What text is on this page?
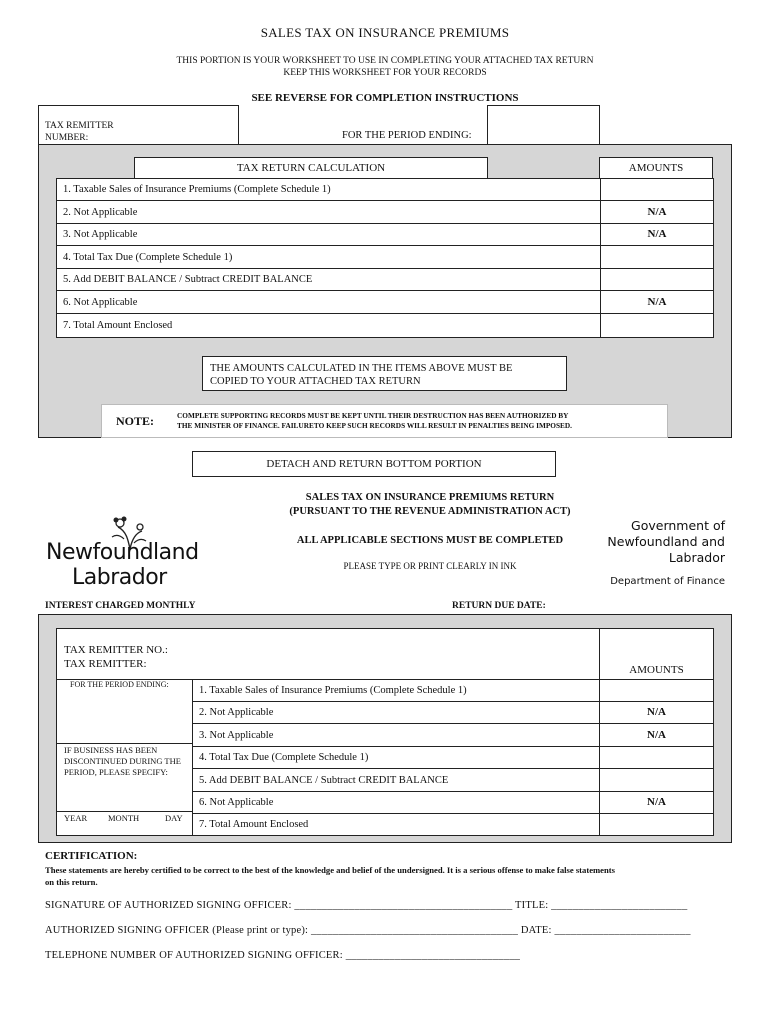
SALES TAX ON INSURANCE PREMIUMS
THIS PORTION IS YOUR WORKSHEET TO USE IN COMPLETING YOUR ATTACHED TAX RETURN
KEEP THIS WORKSHEET FOR YOUR RECORDS
SEE REVERSE FOR COMPLETION INSTRUCTIONS
TAX REMITTER
NUMBER:	FOR THE PERIOD ENDING:
TAX RETURN CALCULATION	AMOUNTS
1. Taxable Sales of Insurance Premiums (Complete Schedule 1)
2. Not Applicable	N/A
3. Not Applicable	N/A
4. Total Tax Due (Complete Schedule 1)
5. Add DEBIT BALANCE / Subtract CREDIT BALANCE
6. Not Applicable	N/A
7. Total Amount Enclosed
THE AMOUNTS CALCULATED IN THE ITEMS ABOVE MUST BE
COPIED TO YOUR ATTACHED TAX RETURN
NOTE:	COMPLETE SUPPORTING RECORDS MUST BE KEPT UNTIL THEIR DESTRUCTION HAS BEEN AUTHORIZED BY
THE MINISTER OF FINANCE. FAILURETO KEEP SUCH RECORDS WILL RESULT IN PENALTIES BEING IMPOSED.
DETACH AND RETURN BOTTOM PORTION
SALES TAX ON INSURANCE PREMIUMS RETURN
(PURSUANT TO THE REVENUE ADMINISTRATION ACT)
Newfoundland
Labrador
ALL APPLICABLE SECTIONS MUST BE COMPLETED
PLEASE TYPE OR PRINT CLEARLY IN INK
Government of
Newfoundland and
Labrador
Department of Finance
INTEREST CHARGED MONTHLY	RETURN DUE DATE:
TAX REMITTER NO.:
TAX REMITTER:	AMOUNTS
FOR THE PERIOD ENDING:
IF BUSINESS HAS BEEN DISCONTINUED DURING THE PERIOD, PLEASE SPECIFY:
YEAR MONTH	DAY
1. Taxable Sales of Insurance Premiums (Complete Schedule 1)
2. Not Applicable	N/A
3. Not Applicable	N/A
4. Total Tax Due (Complete Schedule 1)
5. Add DEBIT BALANCE / Subtract CREDIT BALANCE
6. Not Applicable	N/A
7. Total Amount Enclosed
CERTIFICATION:
These statements are hereby certified to be correct to the best of the knowledge and belief of the undersigned. It is a serious offense to make false statements
on this return.
SIGNATURE OF AUTHORIZED SIGNING OFFICER: ________________________________________ TITLE: _________________________
AUTHORIZED SIGNING OFFICER (Please print or type): ______________________________________ DATE: _________________________
TELEPHONE NUMBER OF AUTHORIZED SIGNING OFFICER: ________________________________
